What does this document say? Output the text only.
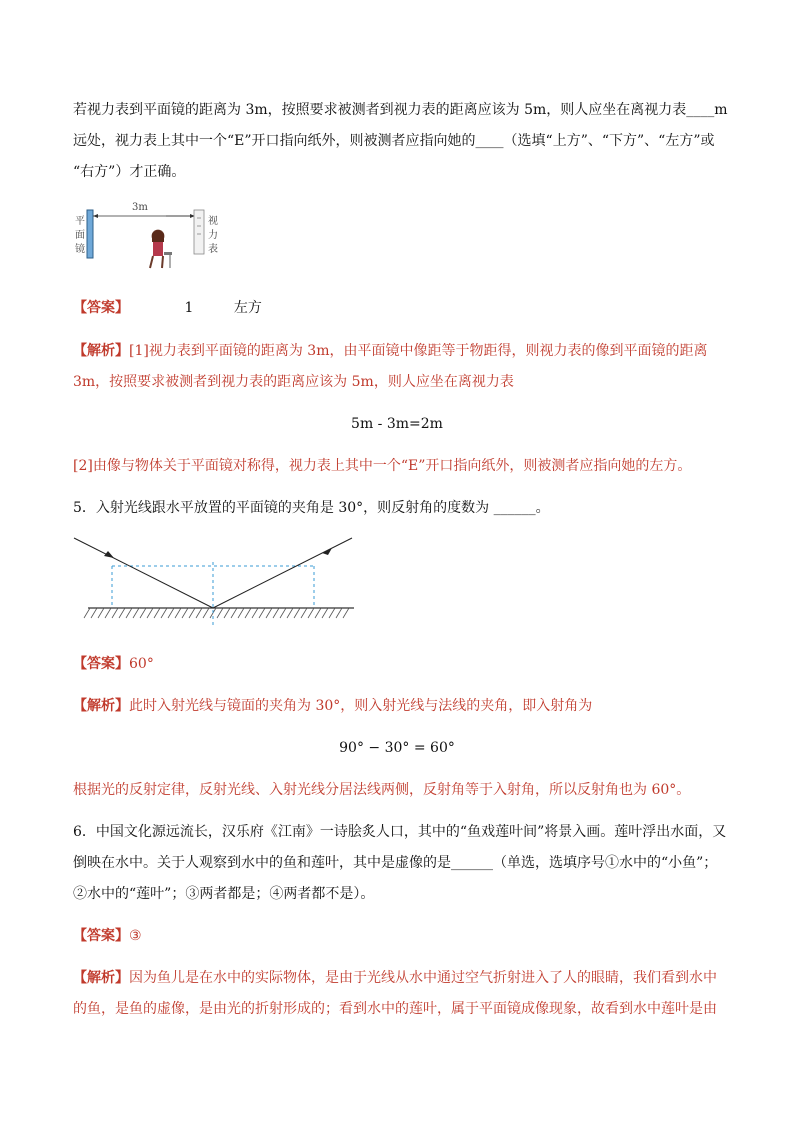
若视力表到平面镜的距离为 3m，按照要求被测者到视力表的距离应该为 5m，则人应坐在离视力表____m
远处，视力表上其中一个“E”开口指向纸外，则被测者应指向她的____（选填“上方”、“下方”、“左方”或
“右方”）才正确。
平
面
镜
3m
视
力
表
【答案】	1	左方
【解析】[1]视力表到平面镜的距离为 3m，由平面镜中像距等于物距得，则视力表的像到平面镜的距离
3m，按照要求被测者到视力表的距离应该为 5m，则人应坐在离视力表
5m - 3m=2m
[2]由像与物体关于平面镜对称得，视力表上其中一个“E”开口指向纸外，则被测者应指向她的左方。
5．入射光线跟水平放置的平面镜的夹角是 30°，则反射角的度数为 ______。
【答案】60°
【解析】此时入射光线与镜面的夹角为 30°，则入射光线与法线的夹角，即入射角为
90° − 30° = 60°
根据光的反射定律，反射光线、入射光线分居法线两侧，反射角等于入射角，所以反射角也为 60°。
6．中国文化源远流长，汉乐府《江南》一诗脍炙人口，其中的“鱼戏莲叶间”将景入画。莲叶浮出水面，又
倒映在水中。关于人观察到水中的鱼和莲叶，其中是虚像的是______（单选，选填序号①水中的“小鱼”；
②水中的“莲叶”；③两者都是；④两者都不是）。
【答案】③
【解析】因为鱼儿是在水中的实际物体，是由于光线从水中通过空气折射进入了人的眼睛，我们看到水中
的鱼，是鱼的虚像，是由光的折射形成的；看到水中的莲叶，属于平面镜成像现象，故看到水中莲叶是由
